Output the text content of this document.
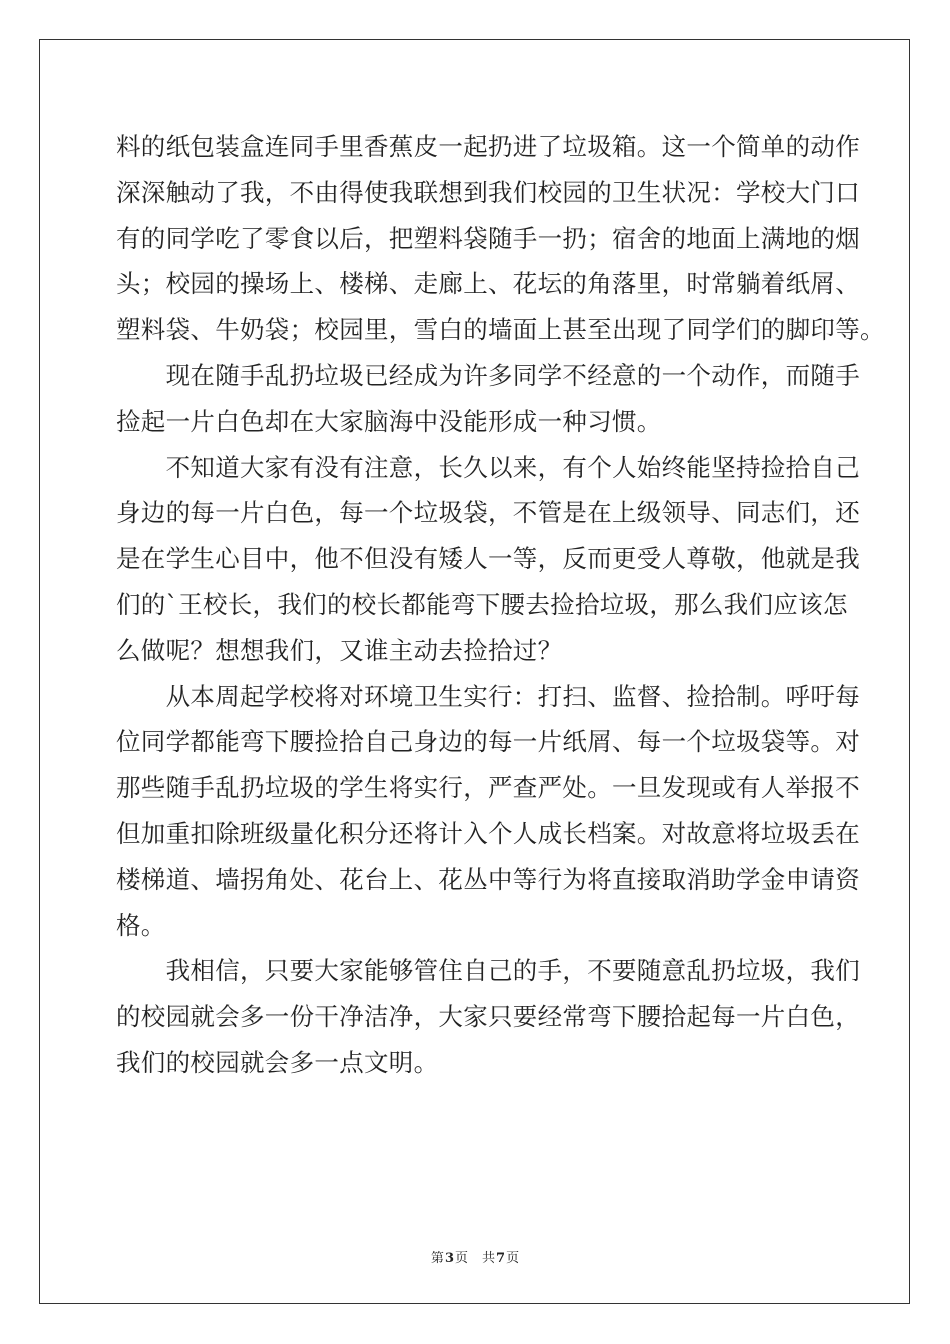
料的纸包装盒连同手里香蕉皮一起扔进了垃圾箱。这一个简单的动作
深深触动了我，不由得使我联想到我们校园的卫生状况：学校大门口
有的同学吃了零食以后，把塑料袋随手一扔；宿舍的地面上满地的烟
头；校园的操场上、楼梯、走廊上、花坛的角落里，时常躺着纸屑、
塑料袋、牛奶袋；校园里，雪白的墙面上甚至出现了同学们的脚印等。
　　现在随手乱扔垃圾已经成为许多同学不经意的一个动作，而随手
捡起一片白色却在大家脑海中没能形成一种习惯。
　　不知道大家有没有注意，长久以来，有个人始终能坚持捡拾自己
身边的每一片白色，每一个垃圾袋，不管是在上级领导、同志们，还
是在学生心目中，他不但没有矮人一等，反而更受人尊敬，他就是我
们的`王校长，我们的校长都能弯下腰去捡拾垃圾，那么我们应该怎
么做呢？想想我们，又谁主动去捡拾过？
　　从本周起学校将对环境卫生实行：打扫、监督、捡拾制。呼吁每
位同学都能弯下腰捡拾自己身边的每一片纸屑、每一个垃圾袋等。对
那些随手乱扔垃圾的学生将实行，严查严处。一旦发现或有人举报不
但加重扣除班级量化积分还将计入个人成长档案。对故意将垃圾丢在
楼梯道、墙拐角处、花台上、花丛中等行为将直接取消助学金申请资
格。
　　我相信，只要大家能够管住自己的手，不要随意乱扔垃圾，我们
的校园就会多一份干净洁净，大家只要经常弯下腰拾起每一片白色，
我们的校园就会多一点文明。
第3页 共7页
